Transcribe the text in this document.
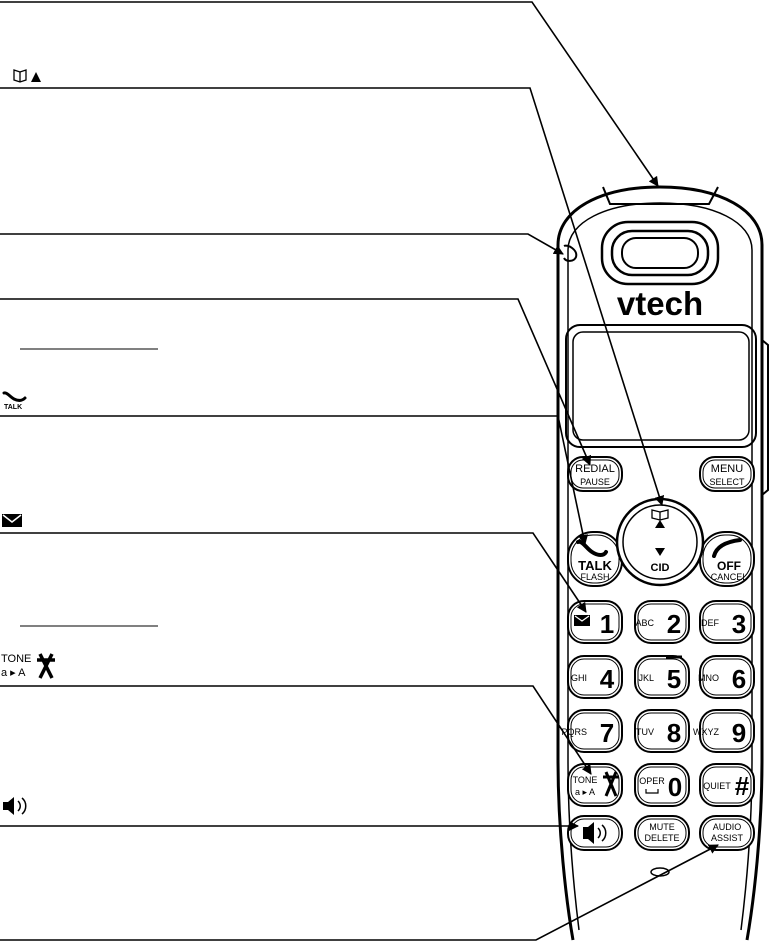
vtech
REDIAL
PAUSE
MENU
SELECT
CID
TALK
FLASH
OFF
CANCEL
TALK
TONE
a ▸ A
1 ABC 2 DEF 3
GHI 4	JKL 5 MNO 6
PQRS 7 TUV 8 WXYZ 9
TONE
a ▸ A
OPER 0 QUIET #
MUTE
DELETE
AUDIO
ASSIST
